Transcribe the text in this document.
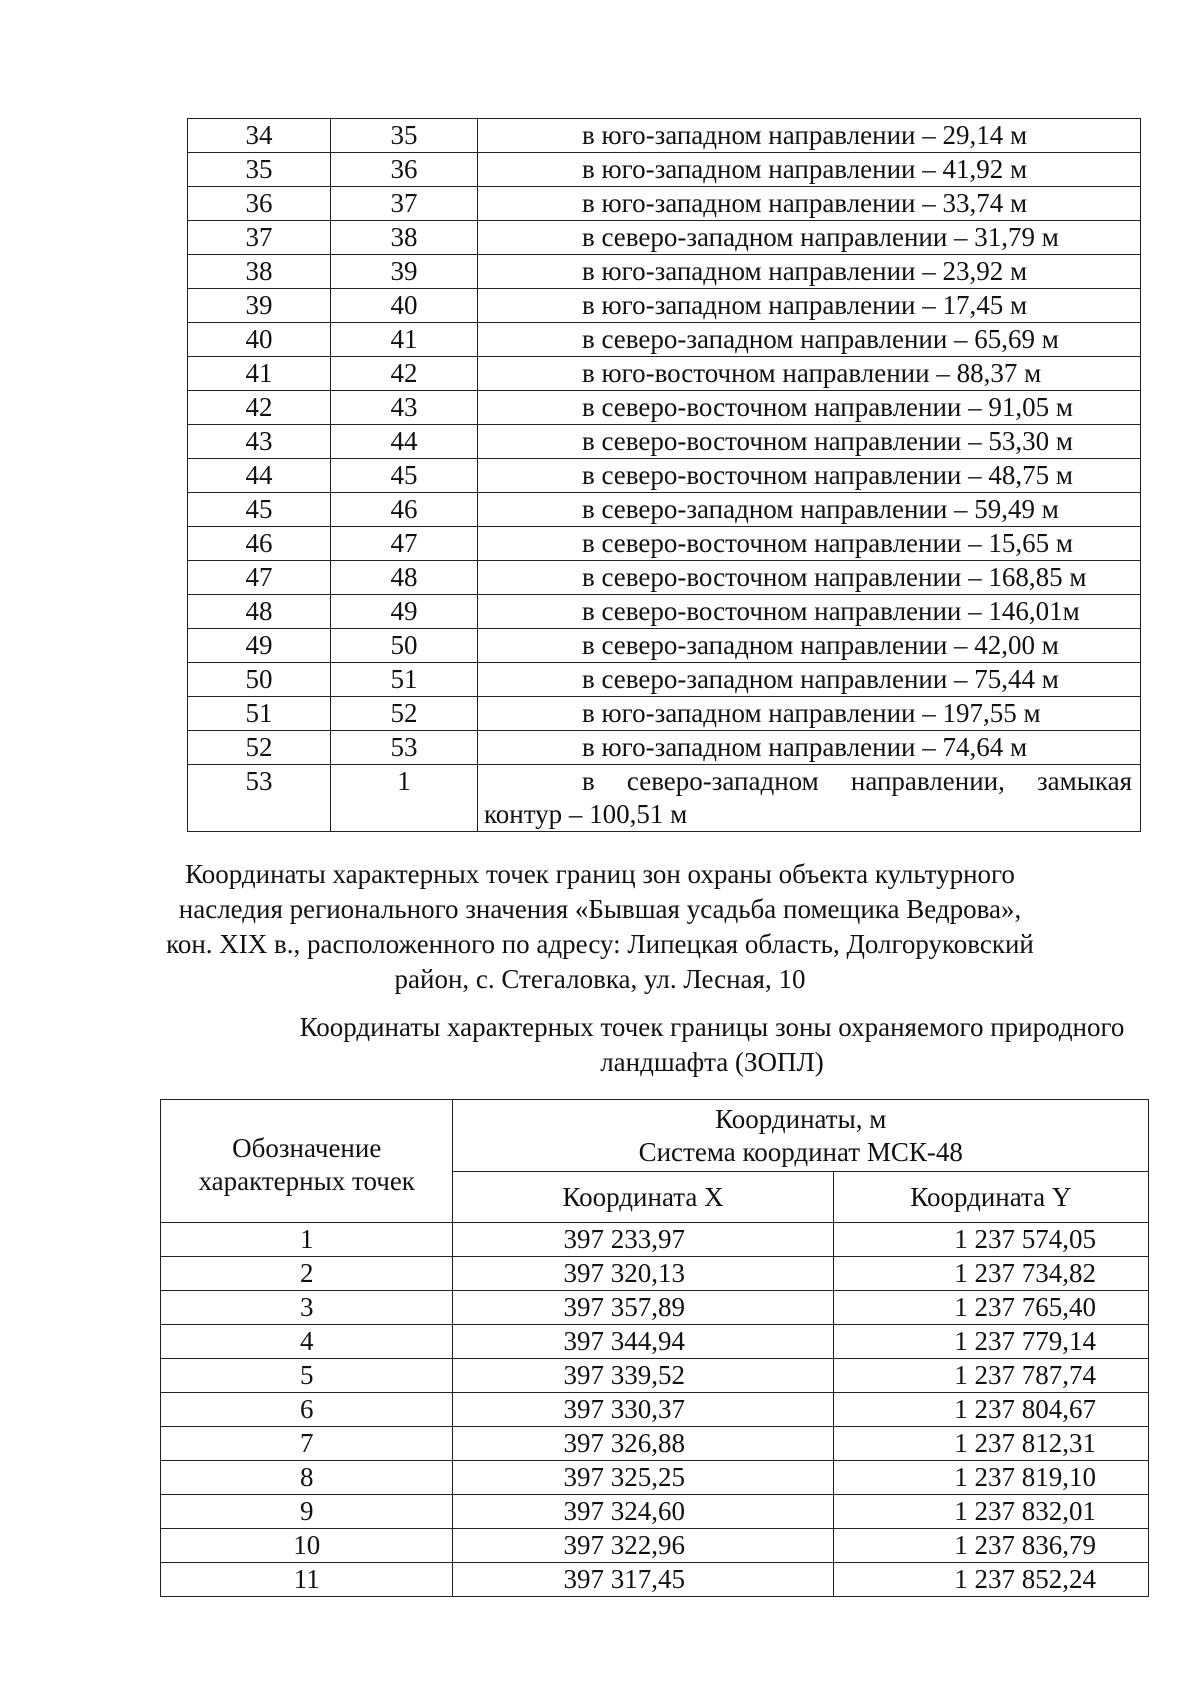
34	35	в юго-западном направлении – 29,14 м
35	36	в юго-западном направлении – 41,92 м
36	37	в юго-западном направлении – 33,74 м
37	38	в северо-западном направлении – 31,79 м
38	39	в юго-западном направлении – 23,92 м
39	40	в юго-западном направлении – 17,45 м
40	41	в северо-западном направлении – 65,69 м
41	42	в юго-восточном направлении – 88,37 м
42	43	в северо-восточном направлении – 91,05 м
43	44	в северо-восточном направлении – 53,30 м
44	45	в северо-восточном направлении – 48,75 м
45	46	в северо-западном направлении – 59,49 м
46	47	в северо-восточном направлении – 15,65 м
47	48	в северо-восточном направлении – 168,85 м
48	49	в северо-восточном направлении – 146,01м
49	50	в северо-западном направлении – 42,00 м
50	51	в северо-западном направлении – 75,44 м
51	52	в юго-западном направлении – 197,55 м
52	53	в юго-западном направлении – 74,64 м
53	1	в северо-западном направлении, замыкая контур – 100,51 м
Координаты характерных точек границ зон охраны объекта культурного наследия регионального значения «Бывшая усадьба помещика Ведрова», кон. XIX в., расположенного по адресу: Липецкая область, Долгоруковский район, с. Стегаловка, ул. Лесная, 10
Координаты характерных точек границы зоны охраняемого природного ландшафта (ЗОПЛ)
Обозначение характерных точек	Координаты, м
Система координат МСК-48	

	Координата X	Координата Y
1	397 233,97	1 237 574,05
2	397 320,13	1 237 734,82
3	397 357,89	1 237 765,40
4	397 344,94	1 237 779,14
5	397 339,52	1 237 787,74
6	397 330,37	1 237 804,67
7	397 326,88	1 237 812,31
8	397 325,25	1 237 819,10
9	397 324,60	1 237 832,01
10	397 322,96	1 237 836,79
11	397 317,45	1 237 852,24
